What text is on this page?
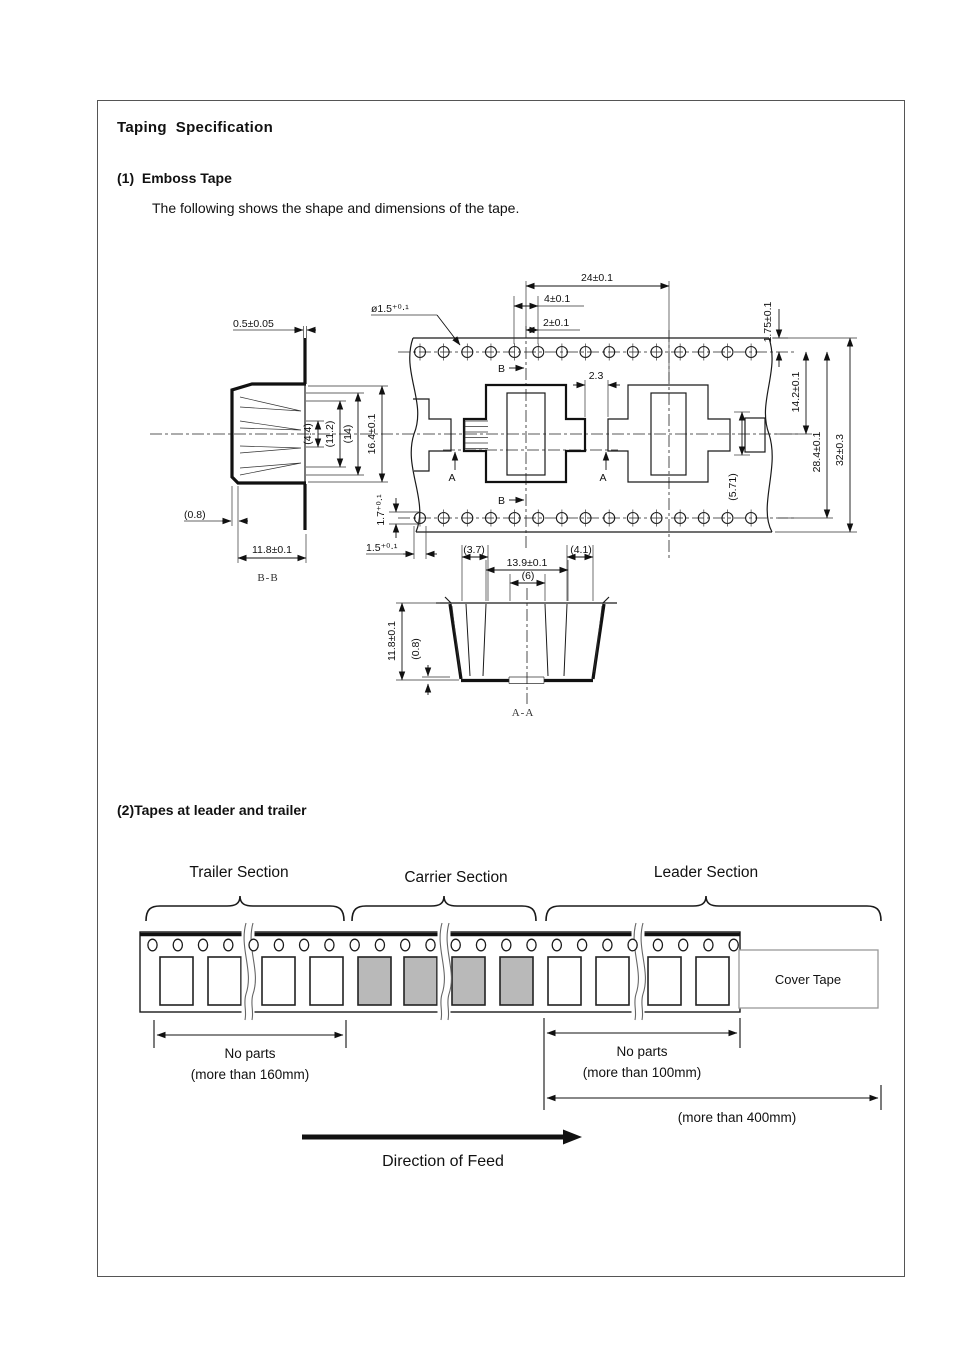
Taping  Specification
(1)  Emboss Tape
The following shows the shape and dimensions of the tape.
(2)Tapes at leader and trailer
B
B
A	A
24±0.1
4±0.1
2±0.1
ø1.5⁺⁰·¹	1.75±0.1
14.2±0.1
28.4±0.1 32±0.3
2.3
(5.71)
1.7⁺⁰·¹
1.5⁺⁰·¹
0.5±0.05
(4.4) (11.2) (14) 16.4±0.1
(0.8)
11.8±0.1
B-B
(3.7)	(4.1)
13.9±0.1
(6)
11.8±0.1 (0.8)
A-A
Trailer Section	Carrier Section	Leader Section
Cover Tape
No parts
(more than 160mm)
No parts
(more than 100mm)
(more than 400mm)
Direction of Feed
